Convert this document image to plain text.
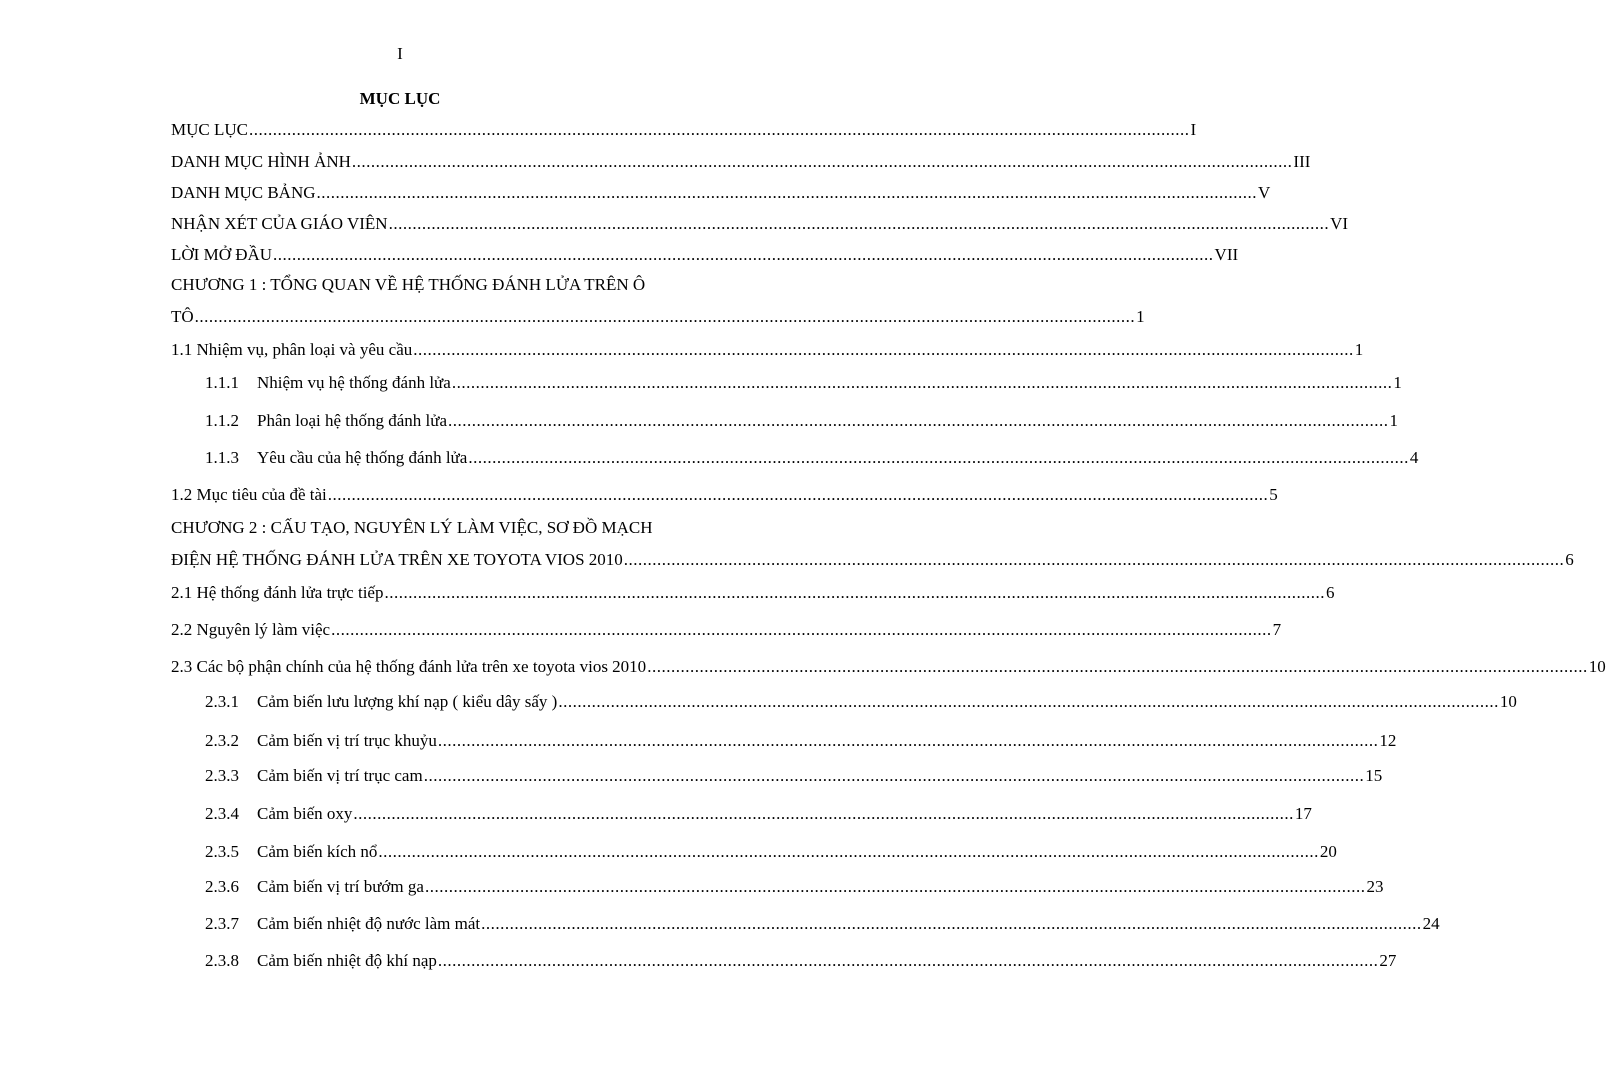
I
MỤC LỤC
MỤC LỤC ...................................................................................................................................................................................................... I
DANH MỤC HÌNH ẢNH ...................................................................................................................................................................................................... III
DANH MỤC BẢNG ...................................................................................................................................................................................................... V
NHẬN XÉT CỦA GIÁO VIÊN ...................................................................................................................................................................................................... VI
LỜI MỞ ĐẦU ...................................................................................................................................................................................................... VII
CHƯƠNG 1 : TỔNG QUAN VỀ HỆ THỐNG ĐÁNH LỬA TRÊN Ô
TÔ ...................................................................................................................................................................................................... 1
1.1 Nhiệm vụ, phân loại và yêu cầu ...................................................................................................................................................................................................... 1
1.1.1	Nhiệm vụ hệ thống đánh lửa ...................................................................................................................................................................................................... 1
1.1.2	Phân loại hệ thống đánh lửa ...................................................................................................................................................................................................... 1
1.1.3	Yêu cầu của hệ thống đánh lửa ...................................................................................................................................................................................................... 4
1.2 Mục tiêu của đề tài ...................................................................................................................................................................................................... 5
CHƯƠNG 2 : CẤU TẠO, NGUYÊN LÝ LÀM VIỆC, SƠ ĐỒ MẠCH
ĐIỆN HỆ THỐNG ĐÁNH LỬA TRÊN XE TOYOTA VIOS 2010 ...................................................................................................................................................................................................... 6
2.1 Hệ thống đánh lửa trực tiếp ...................................................................................................................................................................................................... 6
2.2 Nguyên lý làm việc ...................................................................................................................................................................................................... 7
2.3 Các bộ phận chính của hệ thống đánh lửa trên xe toyota vios 2010 ...................................................................................................................................................................................................... 10
2.3.1	Cảm biến lưu lượng khí nạp ( kiểu dây sấy ) ...................................................................................................................................................................................................... 10
2.3.2	Cảm biến vị trí trục khuỷu ...................................................................................................................................................................................................... 12
2.3.3	Cảm biến vị trí trục cam ...................................................................................................................................................................................................... 15
2.3.4	Cảm biến oxy ...................................................................................................................................................................................................... 17
2.3.5	Cảm biến kích nổ ...................................................................................................................................................................................................... 20
2.3.6	Cảm biến vị trí bướm ga ...................................................................................................................................................................................................... 23
2.3.7	Cảm biến nhiệt độ nước làm mát ...................................................................................................................................................................................................... 24
2.3.8	Cảm biến nhiệt độ khí nạp ...................................................................................................................................................................................................... 27
